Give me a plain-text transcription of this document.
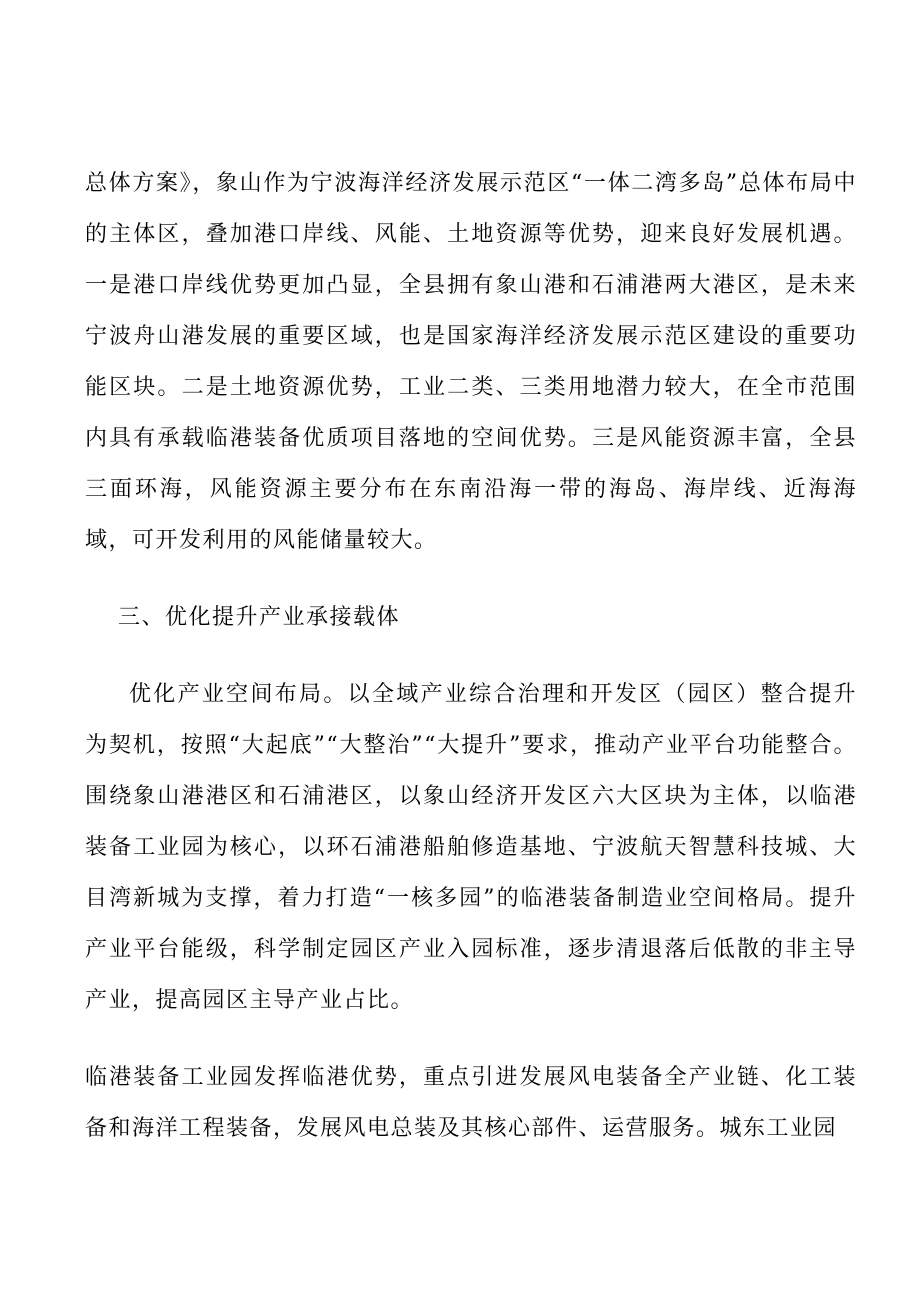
总体方案》，象山作为宁波海洋经济发展示范区“一体二湾多岛”总体布局中的主体区，叠加港口岸线、风能、土地资源等优势，迎来良好发展机遇。一是港口岸线优势更加凸显，全县拥有象山港和石浦港两大港区，是未来宁波舟山港发展的重要区域，也是国家海洋经济发展示范区建设的重要功能区块。二是土地资源优势，工业二类、三类用地潜力较大，在全市范围内具有承载临港装备优质项目落地的空间优势。三是风能资源丰富，全县三面环海，风能资源主要分布在东南沿海一带的海岛、海岸线、近海海域，可开发利用的风能储量较大。

三、优化提升产业承接载体

优化产业空间布局。以全域产业综合治理和开发区（园区）整合提升为契机，按照“大起底”“大整治”“大提升”要求，推动产业平台功能整合。围绕象山港港区和石浦港区，以象山经济开发区六大区块为主体，以临港装备工业园为核心，以环石浦港船舶修造基地、宁波航天智慧科技城、大目湾新城为支撑，着力打造“一核多园”的临港装备制造业空间格局。提升产业平台能级，科学制定园区产业入园标准，逐步清退落后低散的非主导产业，提高园区主导产业占比。

临港装备工业园发挥临港优势，重点引进发展风电装备全产业链、化工装备和海洋工程装备，发展风电总装及其核心部件、运营服务。城东工业园
